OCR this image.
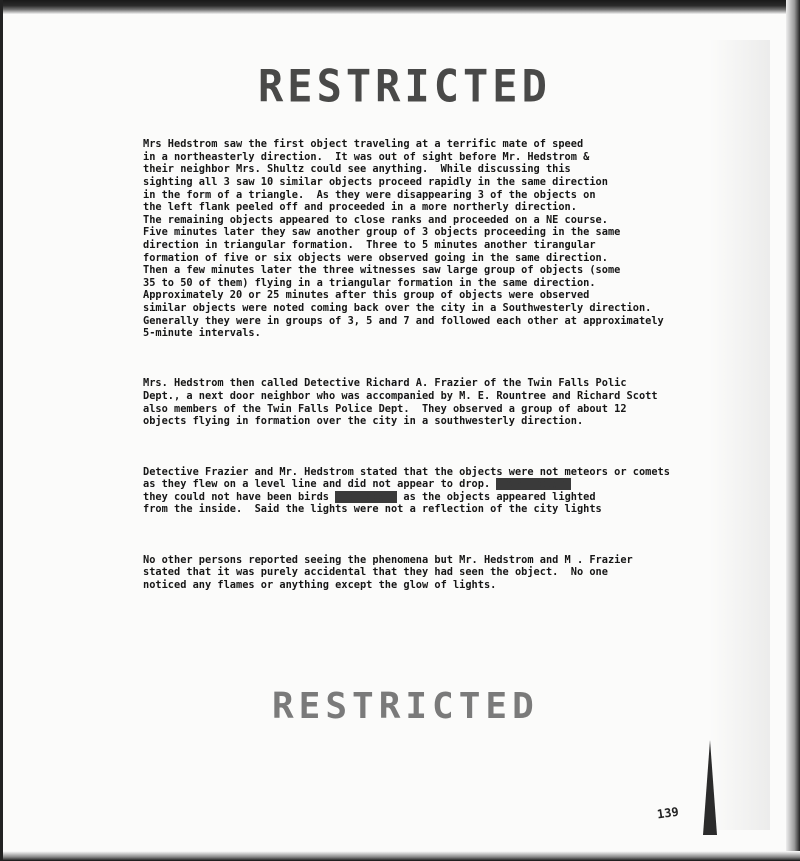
RESTRICTED

Mrs Hedstrom saw the first object traveling at a terrific mate of speed
in a northeasterly direction.  It was out of sight before Mr. Hedstrom &
their neighbor Mrs. Shultz could see anything.  While discussing this
sighting all 3 saw 10 similar objects proceed rapidly in the same direction
in the form of a triangle.  As they were disappearing 3 of the objects on
the left flank peeled off and proceeded in a more northerly direction.
The remaining objects appeared to close ranks and proceeded on a NE course.
Five minutes later they saw another group of 3 objects proceeding in the same
direction in triangular formation.  Three to 5 minutes another tirangular
formation of five or six objects were observed going in the same direction.
Then a few minutes later the three witnesses saw large group of objects (some
35 to 50 of them) flying in a triangular formation in the same direction.
Approximately 20 or 25 minutes after this group of objects were observed
similar objects were noted coming back over the city in a Southwesterly direction.
Generally they were in groups of 3, 5 and 7 and followed each other at approximately
5-minute intervals.

Mrs. Hedstrom then called Detective Richard A. Frazier of the Twin Falls Polic
Dept., a next door neighbor who was accompanied by M. E. Rountree and Richard Scott
also members of the Twin Falls Police Dept.  They observed a group of about 12
objects flying in formation over the city in a southwesterly direction.

Detective Frazier and Mr. Hedstrom stated that the objects were not meteors or comets
as they flew on a level line and did not appear to drop. They thought
they could not have been birds andinsight as the objects appeared lighted
from the inside.  Said the lights were not a reflection of the city lights

No other persons reported seeing the phenomena but Mr. Hedstrom and M . Frazier
stated that it was purely accidental that they had seen the object.  No one
noticed any flames or anything except the glow of lights.

RESTRICTED
139
